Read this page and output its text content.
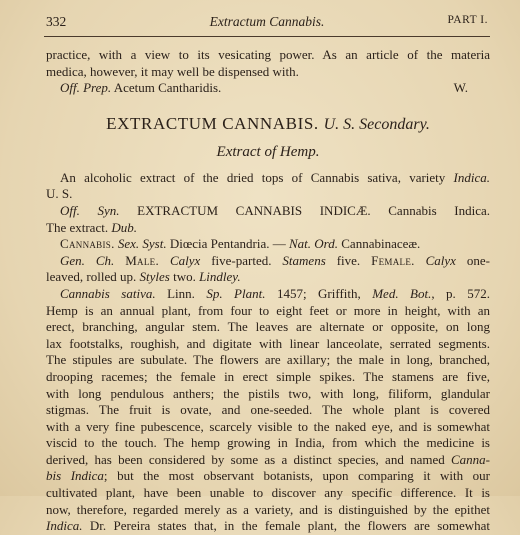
332	Extractum Cannabis.	PART I.
practice, with a view to its vesicating power. As an article of the materia
medica, however, it may well be dispensed with.
Off. Prep. Acetum Cantharidis.	W.
EXTRACTUM CANNABIS. U. S. Secondary.
Extract of Hemp.
An alcoholic extract of the dried tops of Cannabis sativa, variety Indica.
U. S.
Off. Syn. EXTRACTUM CANNABIS INDICÆ. Cannabis Indica.
The extract. Dub.
Cannabis. Sex. Syst. Diœcia Pentandria. — Nat. Ord. Cannabinaceæ.
Gen. Ch. Male. Calyx five-parted. Stamens five. Female. Calyx one-
leaved, rolled up. Styles two. Lindley.
Cannabis sativa. Linn. Sp. Plant. 1457; Griffith, Med. Bot., p. 572.
Hemp is an annual plant, from four to eight feet or more in height, with an
erect, branching, angular stem. The leaves are alternate or opposite, on long
lax footstalks, roughish, and digitate with linear lanceolate, serrated segments.
The stipules are subulate. The flowers are axillary; the male in long, branched,
drooping racemes; the female in erect simple spikes. The stamens are five,
with long pendulous anthers; the pistils two, with long, filiform, glandular
stigmas. The fruit is ovate, and one-seeded. The whole plant is covered
with a very fine pubescence, scarcely visible to the naked eye, and is somewhat
viscid to the touch. The hemp growing in India, from which the medicine is
derived, has been considered by some as a distinct species, and named Canna-
bis Indica; but the most observant botanists, upon comparing it with our
cultivated plant, have been unable to discover any specific difference. It is
now, therefore, regarded merely as a variety, and is distinguished by the epithet
Indica. Dr. Pereira states that, in the female plant, the flowers are somewhat
